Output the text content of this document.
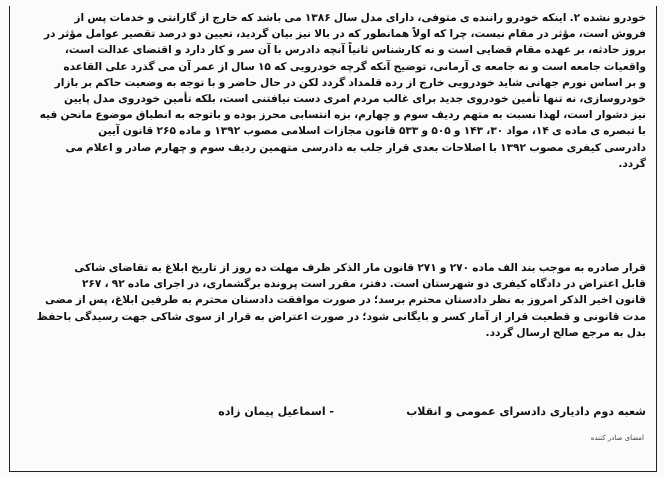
خودرو نشده ۲. اینکه خودرو راننده ی متوفی، دارای مدل سال ۱۳۸۶ می باشد که خارج از گارانتی و خدمات پس از
فروش است، مؤثر در مقام نیست، چرا که اولاً همانطور که در بالا نیز بیان گردید، تعیین دو درصد تقصیر عوامل مؤثر در
بروز حادثه، بر عهده مقام قضایی است و نه کارشناس ثانیاً آنچه دادرس با آن سر و کار دارد و اقتضای عدالت است،
واقعیات جامعه است و نه جامعه ی آرمانی، توضیح آنکه گرچه خودرویی که ۱۵ سال از عمر آن می گذرد علی القاعده
و بر اساس نورم جهانی شاید خودرویی خارج از رده قلمداد گردد لکن در حال حاضر و با توجه به وضعیت حاکم بر بازار
خودروسازی، نه تنها تأمین خودروی جدید برای غالب مردم امری دست نیافتنی است، بلکه تأمین خودروی مدل پایین
نیز دشوار است، لهذا نسبت به متهم ردیف سوم و چهارم، بزه انتسابی محرز بوده و باتوجه به انطباق موضوع مانحن فیه
با تبصره ی ماده ی ۱۴، مواد ۳۰، ۱۴۳ و ۵۰۵ و ۵۳۳ قانون مجازات اسلامی مصوب ۱۳۹۲ و ماده ۲۶۵ قانون آیین
دادرسی کیفری مصوب ۱۳۹۲ با اصلاحات بعدی قرار جلب به دادرسی متهمین ردیف سوم و چهارم صادر و اعلام می
گردد.
قرار صادره به موجب بند الف ماده ۲۷۰ و ۲۷۱ قانون مار الذکر ظرف مهلت ده روز از تاریخ ابلاغ به تقاضای شاکی
قابل اعتراض در دادگاه کیفری دو شهرستان است. دفتر، مقرر است پرونده برگشماری، در اجرای ماده ۹۲ ، ۲۶۷
قانون اخیر الذکر امروز به نظر دادستان محترم برسد؛ در صورت موافقت دادستان محترم به طرفین ابلاغ، پس از مضی
مدت قانونی و قطعیت قرار از آمار کسر و بایگانی شود؛ در صورت اعتراض به قرار از سوی شاکی جهت رسیدگی باحفظ
بدل به مرجع صالح ارسال گردد.
شعبه دوم دادیاری دادسرای عمومی و انقلاب
- اسماعیل پیمان زاده
امضای صادر کننده
